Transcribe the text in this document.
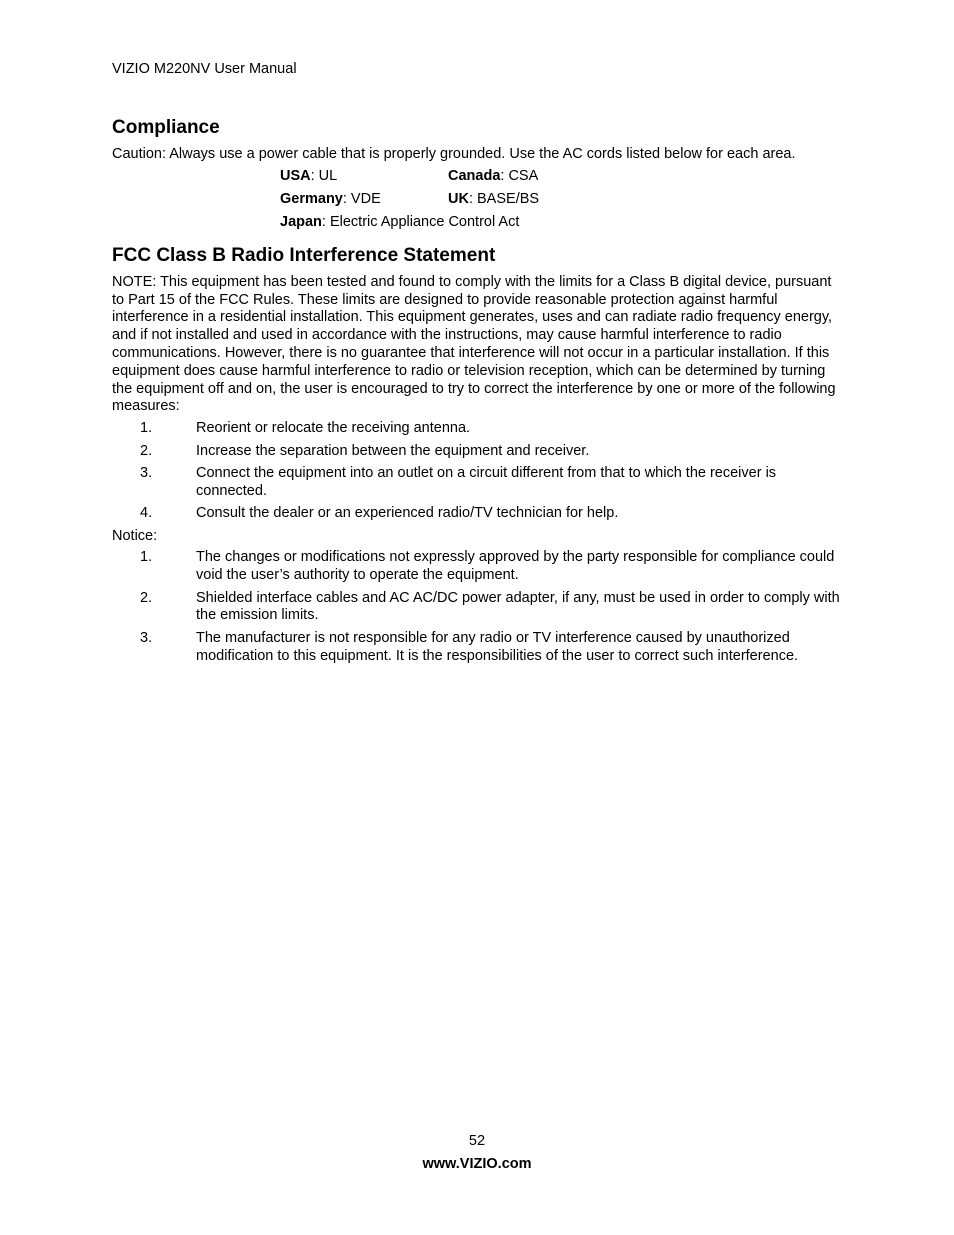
VIZIO M220NV User Manual
Compliance

Caution: Always use a power cable that is properly grounded. Use the AC cords listed below for each area.

USA: UL	Canada: CSA
Germany: VDE	UK: BASE/BS
Japan: Electric Appliance Control Act	
FCC Class B Radio Interference Statement

NOTE: This equipment has been tested and found to comply with the limits for a Class B digital device, pursuant to Part 15 of the FCC Rules. These limits are designed to provide reasonable protection against harmful interference in a residential installation. This equipment generates, uses and can radiate radio frequency energy, and if not installed and used in accordance with the instructions, may cause harmful interference to radio communications. However, there is no guarantee that interference will not occur in a particular installation. If this equipment does cause harmful interference to radio or television reception, which can be determined by turning the equipment off and on, the user is encouraged to try to correct the interference by one or more of the following measures:

1.	Reorient or relocate the receiving antenna.
2.	Increase the separation between the equipment and receiver.
3.	Connect the equipment into an outlet on a circuit different from that to which the receiver is connected.
4.	Consult the dealer or an experienced radio/TV technician for help.

Notice:

1.	The changes or modifications not expressly approved by the party responsible for compliance could void the user’s authority to operate the equipment.
2.	Shielded interface cables and AC AC/DC power adapter, if any, must be used in order to comply with the emission limits.
3.	The manufacturer is not responsible for any radio or TV interference caused by unauthorized modification to this equipment. It is the responsibilities of the user to correct such interference.
52
www.VIZIO.com
